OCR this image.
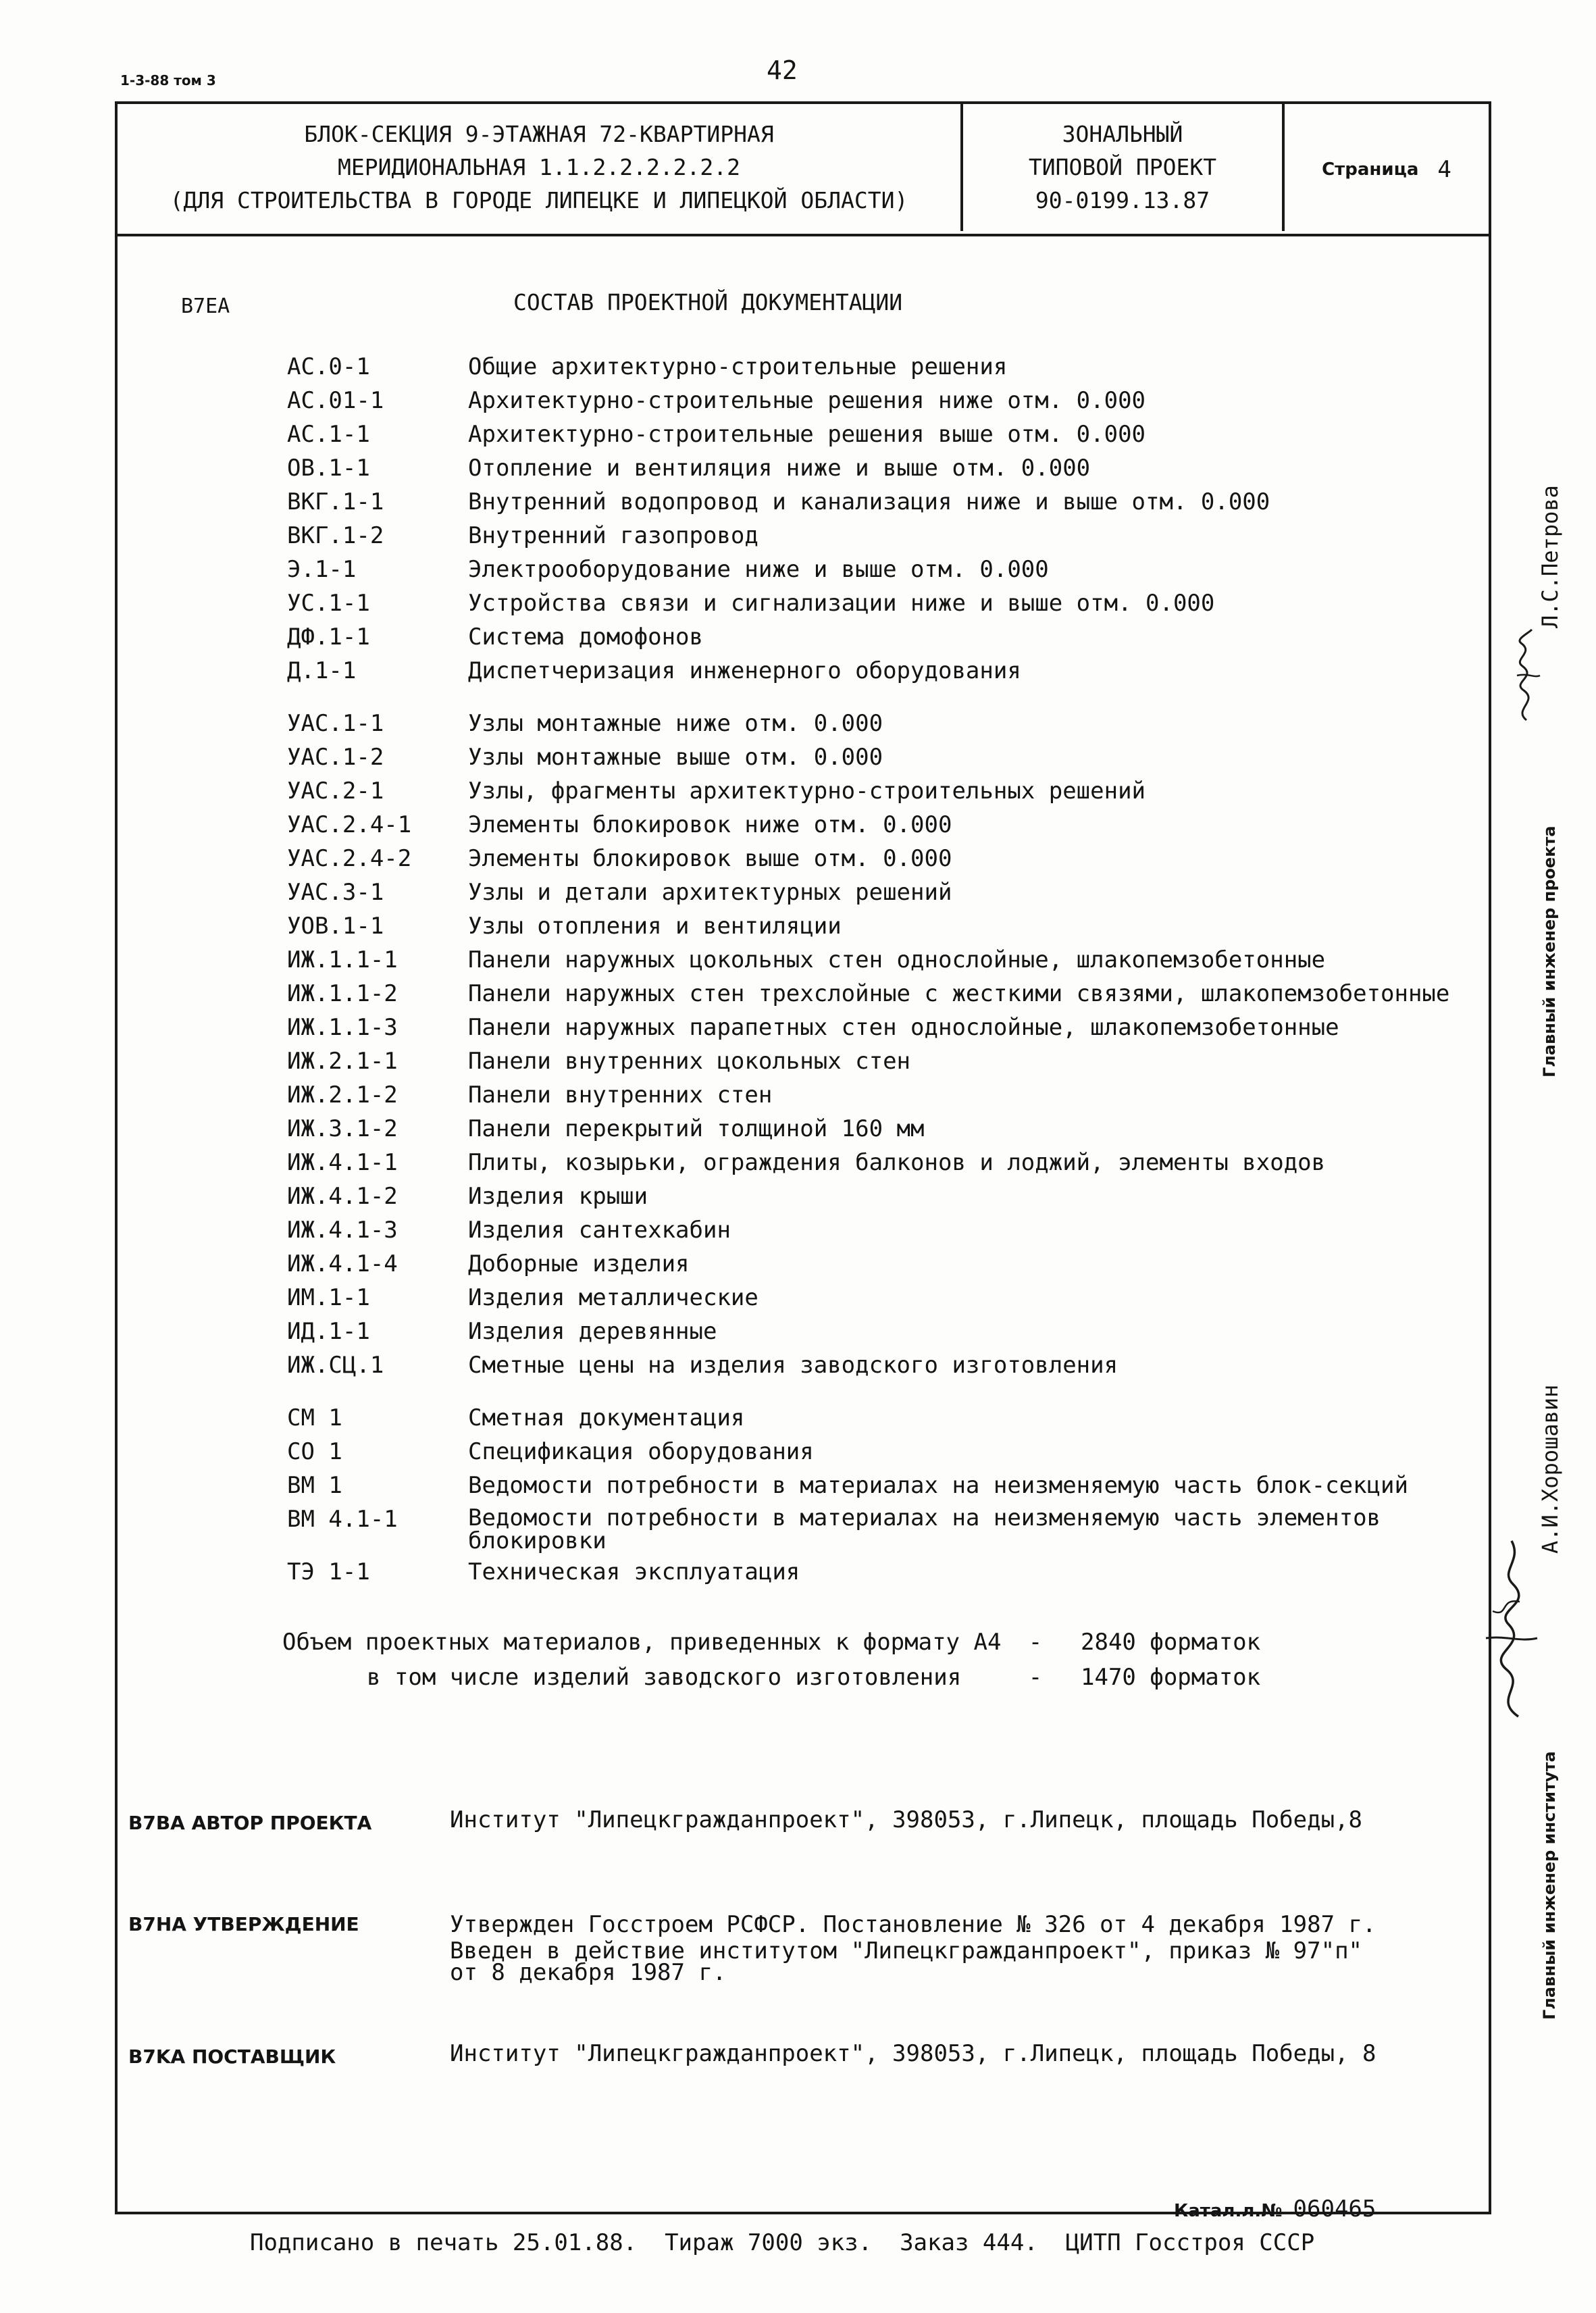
1-3-88 том 3	42
БЛОК-СЕКЦИЯ 9-ЭТАЖНАЯ 72-КВАРТИРНАЯ
МЕРИДИОНАЛЬНАЯ 1.1.2.2.2.2.2.2
(ДЛЯ СТРОИТЕЛЬСТВА В ГОРОДЕ ЛИПЕЦКЕ И ЛИПЕЦКОЙ ОБЛАСТИ)
ЗОНАЛЬНЫЙ
ТИПОВОЙ ПРОЕКТ
90-0199.13.87
Страница 4
B7EA	СОСТАВ ПРОЕКТНОЙ ДОКУМЕНТАЦИИ
АС.0-1	Общие архитектурно-строительные решения
АС.01-1	Архитектурно-строительные решения ниже отм. 0.000
АС.1-1	Архитектурно-строительные решения выше отм. 0.000
ОВ.1-1	Отопление и вентиляция ниже и выше отм. 0.000
ВКГ.1-1	Внутренний водопровод и канализация ниже и выше отм. 0.000
ВКГ.1-2	Внутренний газопровод
Э.1-1	Электрооборудование ниже и выше отм. 0.000
УС.1-1	Устройства связи и сигнализации ниже и выше отм. 0.000
ДФ.1-1	Система домофонов
Д.1-1	Диспетчеризация инженерного оборудования
УАС.1-1	Узлы монтажные ниже отм. 0.000
УАС.1-2	Узлы монтажные выше отм. 0.000
УАС.2-1	Узлы, фрагменты архитектурно-строительных решений
УАС.2.4-1	Элементы блокировок ниже отм. 0.000
УАС.2.4-2	Элементы блокировок выше отм. 0.000
УАС.3-1	Узлы и детали архитектурных решений
УОВ.1-1	Узлы отопления и вентиляции
ИЖ.1.1-1	Панели наружных цокольных стен однослойные, шлакопемзобетонные
ИЖ.1.1-2	Панели наружных стен трехслойные с жесткими связями, шлакопемзобетонные
ИЖ.1.1-3	Панели наружных парапетных стен однослойные, шлакопемзобетонные
ИЖ.2.1-1	Панели внутренних цокольных стен
ИЖ.2.1-2	Панели внутренних стен
ИЖ.3.1-2	Панели перекрытий толщиной 160 мм
ИЖ.4.1-1	Плиты, козырьки, ограждения балконов и лоджий, элементы входов
ИЖ.4.1-2	Изделия крыши
ИЖ.4.1-3	Изделия сантехкабин
ИЖ.4.1-4	Доборные изделия
ИМ.1-1	Изделия металлические
ИД.1-1	Изделия деревянные
ИЖ.СЦ.1	Сметные цены на изделия заводского изготовления
СМ 1	Сметная документация
СО 1	Спецификация оборудования
ВМ 1	Ведомости потребности в материалах на неизменяемую часть блок-секций
ВМ 4.1-1	Ведомости потребности в материалах на неизменяемую часть элементов блокировки
ТЭ 1-1	Техническая эксплуатация
Объем проектных материалов, приведенных к формату А4	-	2840 форматок
в том числе изделий заводского изготовления	-	1470 форматок
B7BA АВТОР ПРОЕКТА	Институт "Липецкгражданпроект", 398053, г.Липецк, площадь Победы,8
B7HA УТВЕРЖДЕНИЕ	Утвержден Госстроем РСФСР. Постановление № 326 от 4 декабря 1987 г.
Введен в действие институтом "Липецкгражданпроект", приказ № 97"п"
от 8 декабря 1987 г.
B7KA ПОСТАВЩИК	Институт "Липецкгражданпроект", 398053, г.Липецк, площадь Победы, 8
Катал.л.№ 060465
Подписано в печать 25.01.88.  Тираж 7000 экз.  Заказ 444.  ЦИТП Госстроя СССР
Главный инженер проекта
Л.С.Петрова
Главный инженер института
А.И.Хорошавин
